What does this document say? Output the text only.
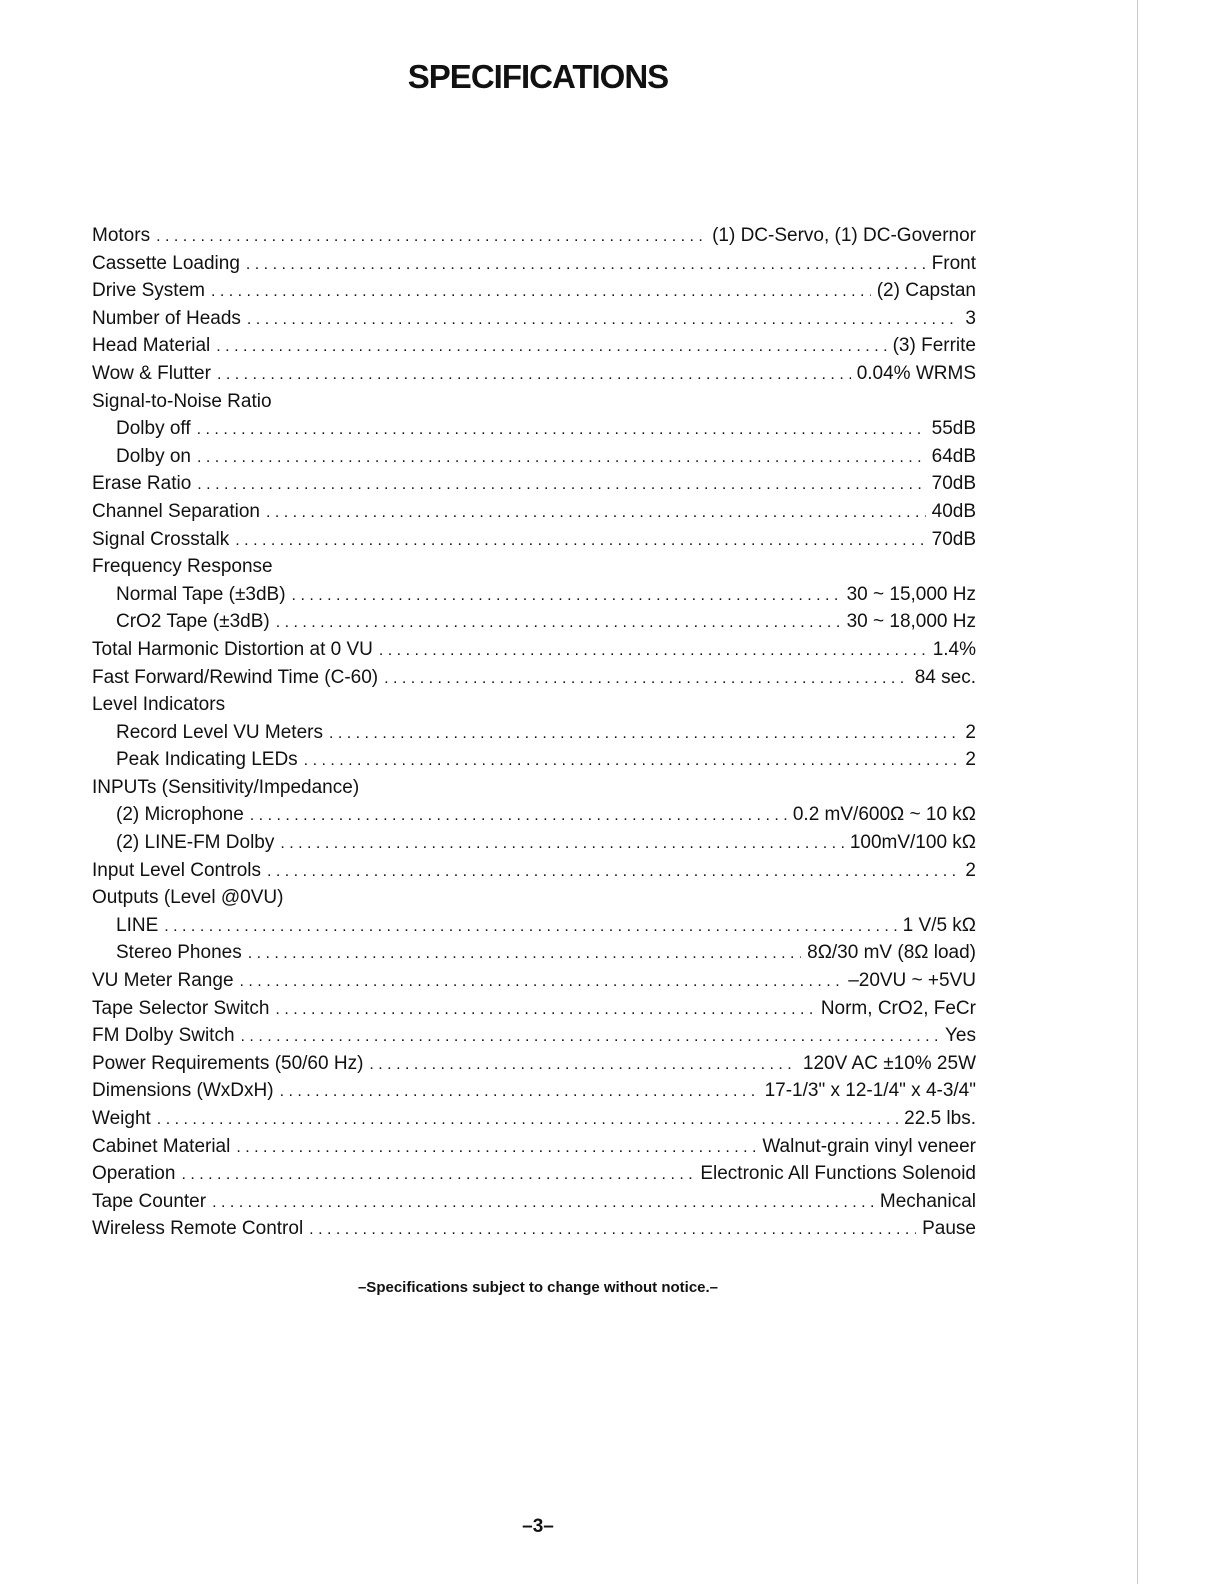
SPECIFICATIONS
Motors . . .	(1) DC-Servo, (1) DC-Governor
Cassette Loading . . .	Front
Drive System . . .	(2) Capstan
Number of Heads . . .	3
Head Material . . .	(3) Ferrite
Wow & Flutter . . .	0.04% WRMS
Signal-to-Noise Ratio
Dolby off . . .	55dB
Dolby on . . .	64dB
Erase Ratio . . .	70dB
Channel Separation . . .	40dB
Signal Crosstalk . . .	70dB
Frequency Response
Normal Tape (±3dB) . . .	30 ~ 15,000 Hz
CrO2 Tape (±3dB) . . .	30 ~ 18,000 Hz
Total Harmonic Distortion at 0 VU . . .	1.4%
Fast Forward/Rewind Time (C-60) . . .	84 sec.
Level Indicators
Record Level VU Meters . . .	2
Peak Indicating LEDs . . .	2
INPUTs (Sensitivity/Impedance)
(2) Microphone . . .	0.2 mV/600Ω ~ 10 kΩ
(2) LINE-FM Dolby . . .	100mV/100 kΩ
Input Level Controls . . .	2
Outputs (Level @0VU)
LINE . . .	1 V/5 kΩ
Stereo Phones . . .	8Ω/30 mV (8Ω load)
VU Meter Range . . .	–20VU ~ +5VU
Tape Selector Switch . . .	Norm, CrO2, FeCr
FM Dolby Switch . . .	Yes
Power Requirements (50/60 Hz) . . .	120V AC ±10% 25W
Dimensions (WxDxH) . . .	17-1/3" x 12-1/4" x 4-3/4"
Weight . . .	22.5 lbs.
Cabinet Material . . .	Walnut-grain vinyl veneer
Operation . . .	Electronic All Functions Solenoid
Tape Counter . . .	Mechanical
Wireless Remote Control . . .	Pause
–Specifications subject to change without notice.–
–3–
